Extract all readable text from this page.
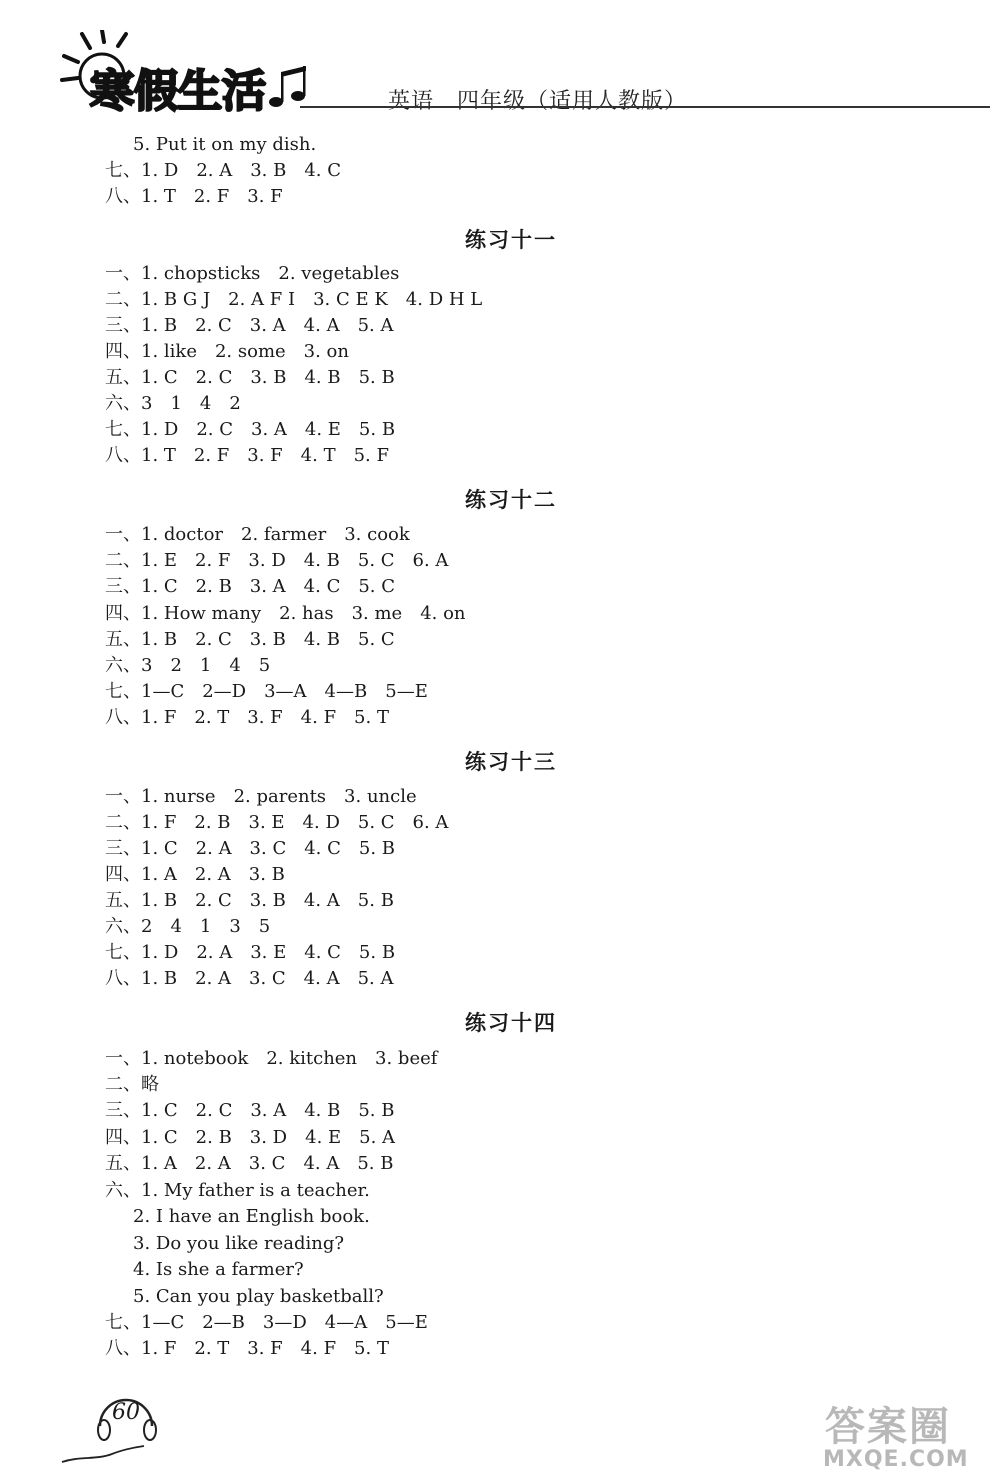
寒假生活	英语　四年级（适用人教版）
5. Put it on my dish.
七、1. D　2. A　3. B　4. C
八、1. T　2. F　3. F
练习十一
一、1. chopsticks　2. vegetables
二、1. B G J　2. A F I　3. C E K　4. D H L
三、1. B　2. C　3. A　4. A　5. A
四、1. like　2. some　3. on
五、1. C　2. C　3. B　4. B　5. B
六、3　1　4　2
七、1. D　2. C　3. A　4. E　5. B
八、1. T　2. F　3. F　4. T　5. F
练习十二
一、1. doctor　2. farmer　3. cook
二、1. E　2. F　3. D　4. B　5. C　6. A
三、1. C　2. B　3. A　4. C　5. C
四、1. How many　2. has　3. me　4. on
五、1. B　2. C　3. B　4. B　5. C
六、3　2　1　4　5
七、1—C　2—D　3—A　4—B　5—E
八、1. F　2. T　3. F　4. F　5. T
练习十三
一、1. nurse　2. parents　3. uncle
二、1. F　2. B　3. E　4. D　5. C　6. A
三、1. C　2. A　3. C　4. C　5. B
四、1. A　2. A　3. B
五、1. B　2. C　3. B　4. A　5. B
六、2　4　1　3　5
七、1. D　2. A　3. E　4. C　5. B
八、1. B　2. A　3. C　4. A　5. A
练习十四
一、1. notebook　2. kitchen　3. beef
二、略
三、1. C　2. C　3. A　4. B　5. B
四、1. C　2. B　3. D　4. E　5. A
五、1. A　2. A　3. C　4. A　5. B
六、1. My father is a teacher.
2. I have an English book.
3. Do you like reading?
4. Is she a farmer?
5. Can you play basketball?
七、1—C　2—B　3—D　4—A　5—E
八、1. F　2. T　3. F　4. F　5. T
60	答案圈
MXQE.COM
